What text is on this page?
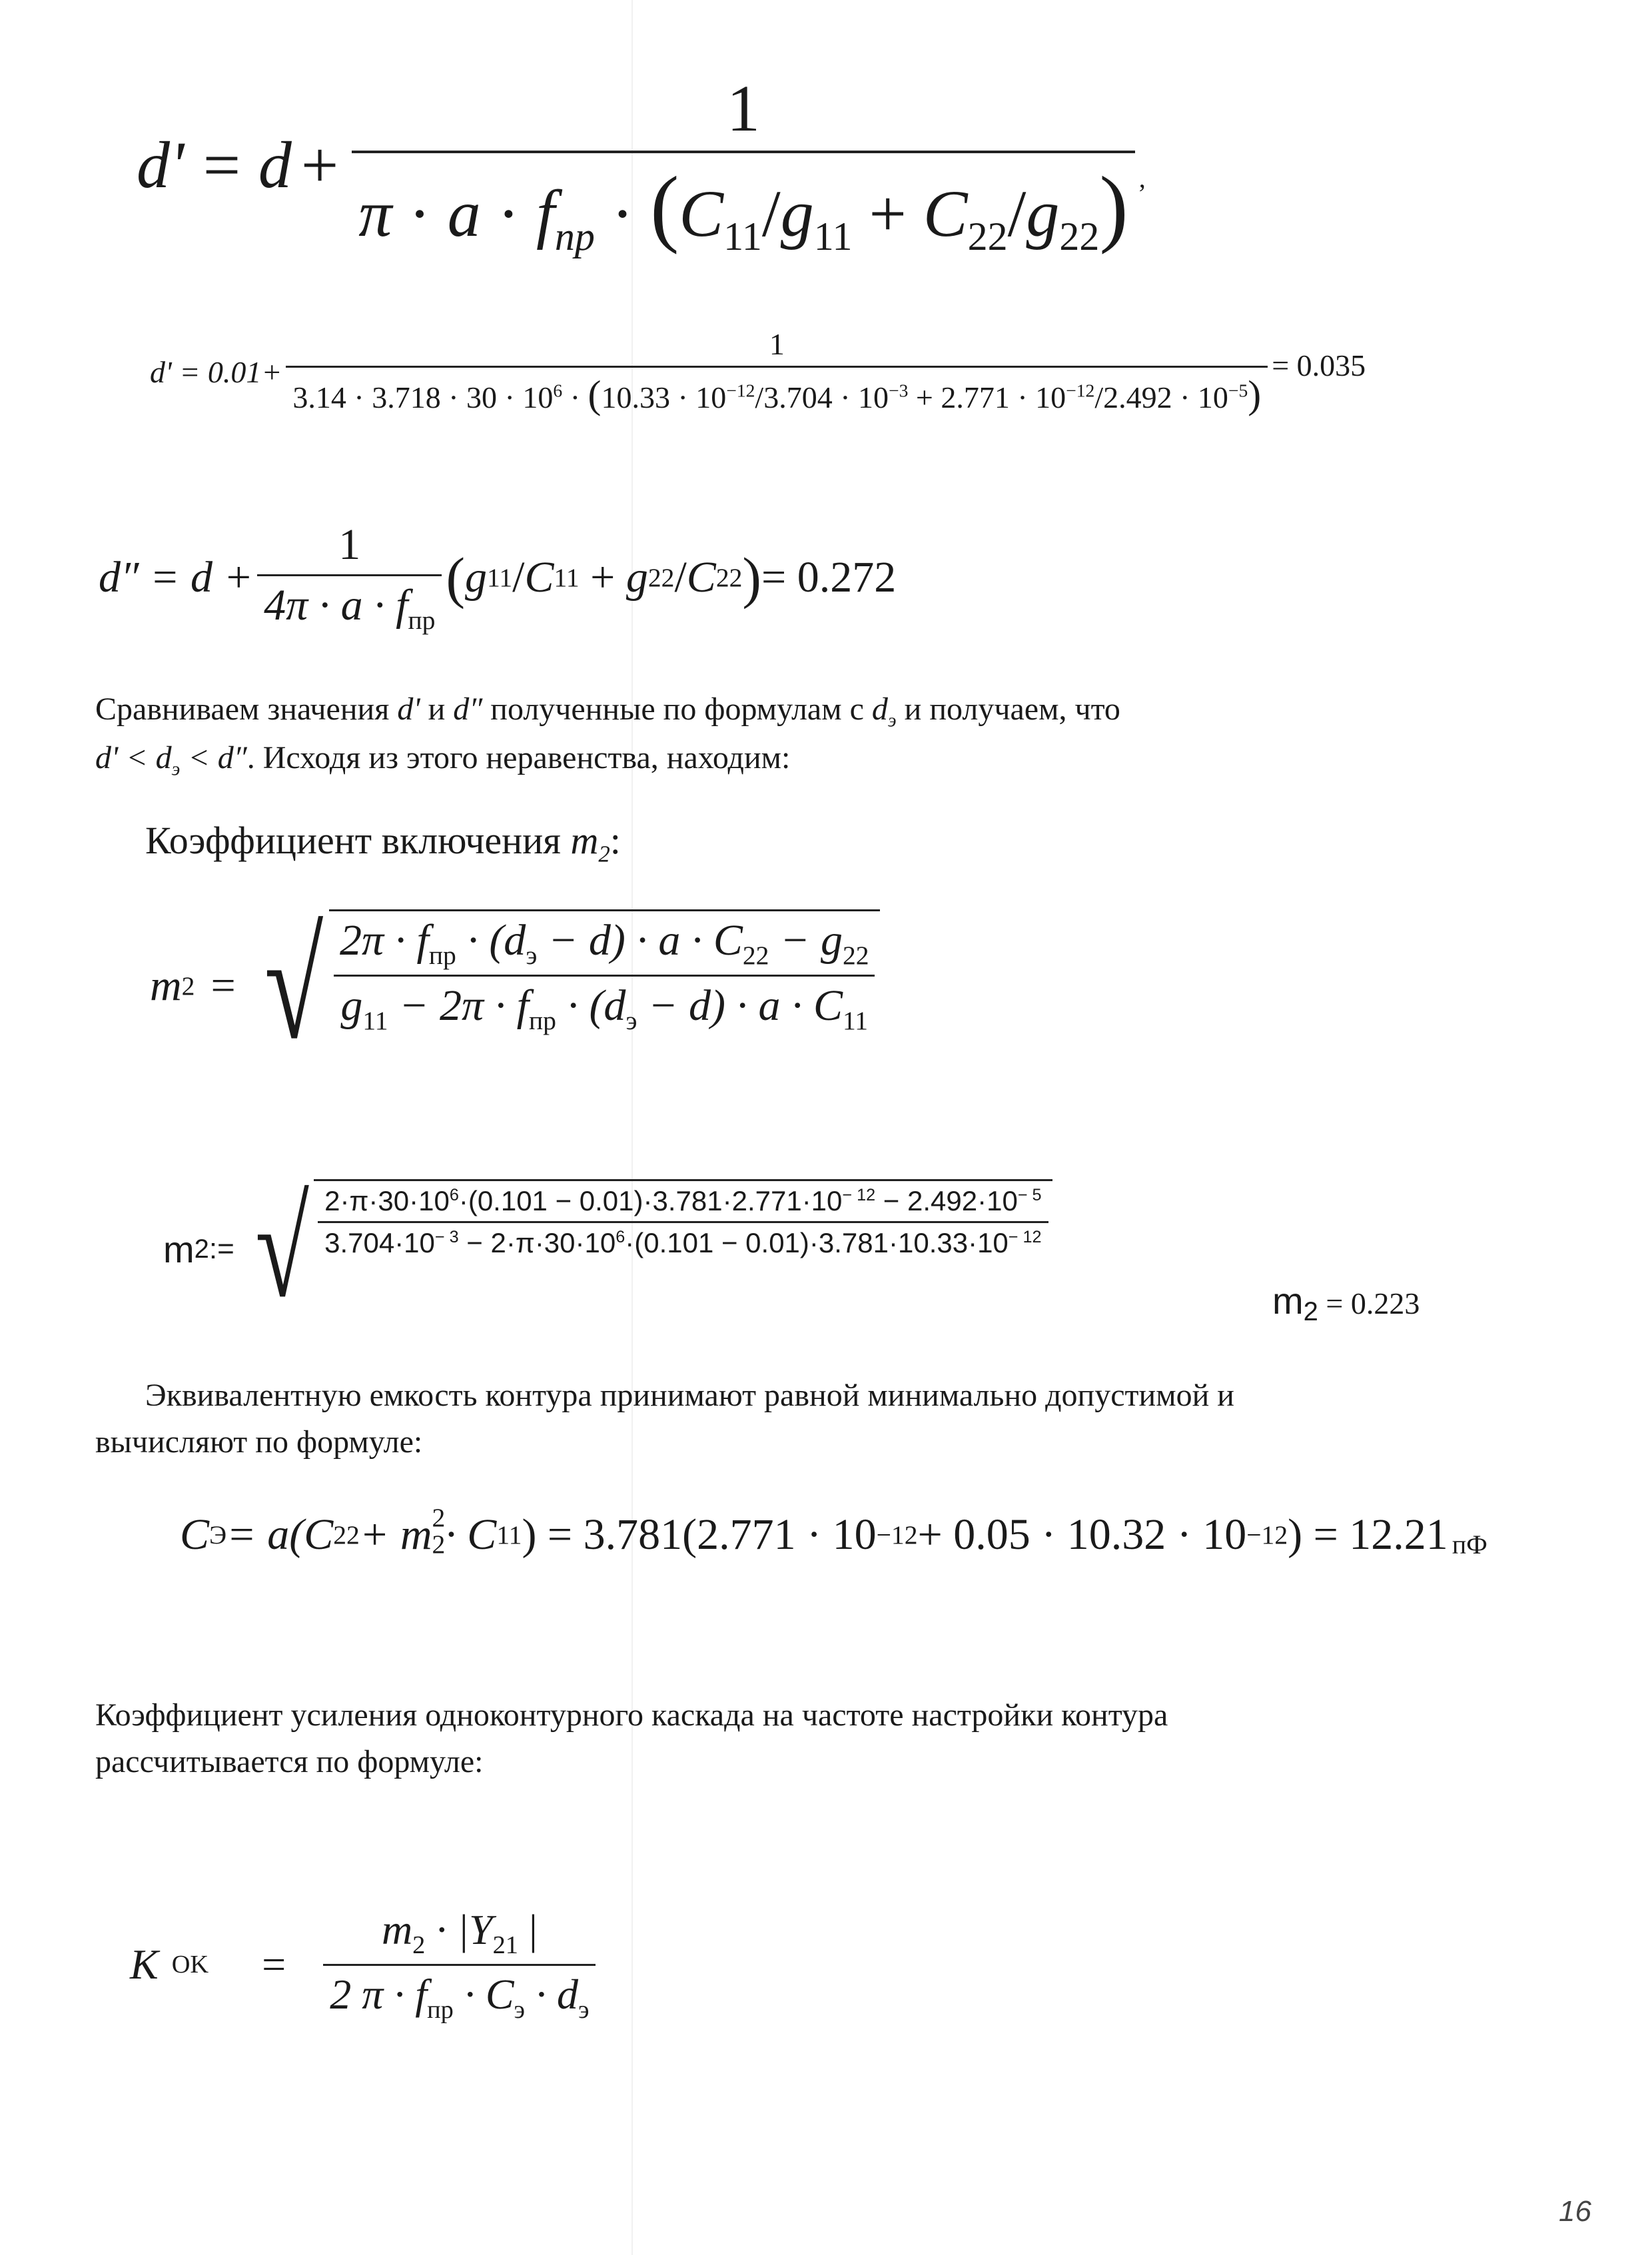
d' = d +
1
$\pi \cdot a \cdot f_{пр} \cdot (C_{11}/g_{11} + C_{22}/g_{22})$ ,
d' = 0.01+
1
$3.14 \cdot 3.718 \cdot 30 \cdot 10^6 \cdot (10.33 \cdot 10^{-12}/3.704 \cdot 10^{-3} + 2.771 \cdot 10^{-12}/2.492 \cdot 10^{-5})$
= 0.035
$d'' = d + \frac{1}{4\pi \cdot a \cdot f_{пр}}$ ( g 11 / C 11 + g 22 / C 22 ) = 0.272
Сравниваем значения d' и d″ полученные по формулам с $d_э$ и получаем, что
$d' < d_э < d''$. Исходя из этого неравенства, находим:
Коэффициент включения $m_2$:
m 2 = √ $\frac{2\pi \cdot f_{пр} \cdot (d_э - d) \cdot a \cdot C_{22} - g_{22}}{g_{11} - 2\pi \cdot f_{пр} \cdot (d_э - d) \cdot a \cdot C_{11}}$
m 2 := √ $\frac{2\cdot\pi\cdot 30\cdot 10^6\cdot(0.101 - 0.01)\cdot 3.781\cdot 2.771\cdot 10^{- 12} - 2.492\cdot 10^{- 5}}{3.704\cdot 10^{- 3} - 2\cdot\pi\cdot 30\cdot 10^6\cdot(0.101 - 0.01)\cdot 3.781\cdot 10.33\cdot 10^{- 12}}$
$m_2 = 0.223$
Эквивалентную емкость контура принимают равной минимально допустимой и
вычисляют по формуле:
C Э = a(C 22 + m 2
2 · C 11 ) = 3.781(2.771 · 10 −12 + 0.05 · 10.32 · 10 −12 ) = 12.21 пФ
Коэффициент усиления одноконтурного каскада на частоте настройки контура
рассчитывается по формуле:
K OK = $\frac{m_2 \cdot |Y_{21} |}{2 \pi \cdot f_{пр} \cdot C_э \cdot d_э}$
16
